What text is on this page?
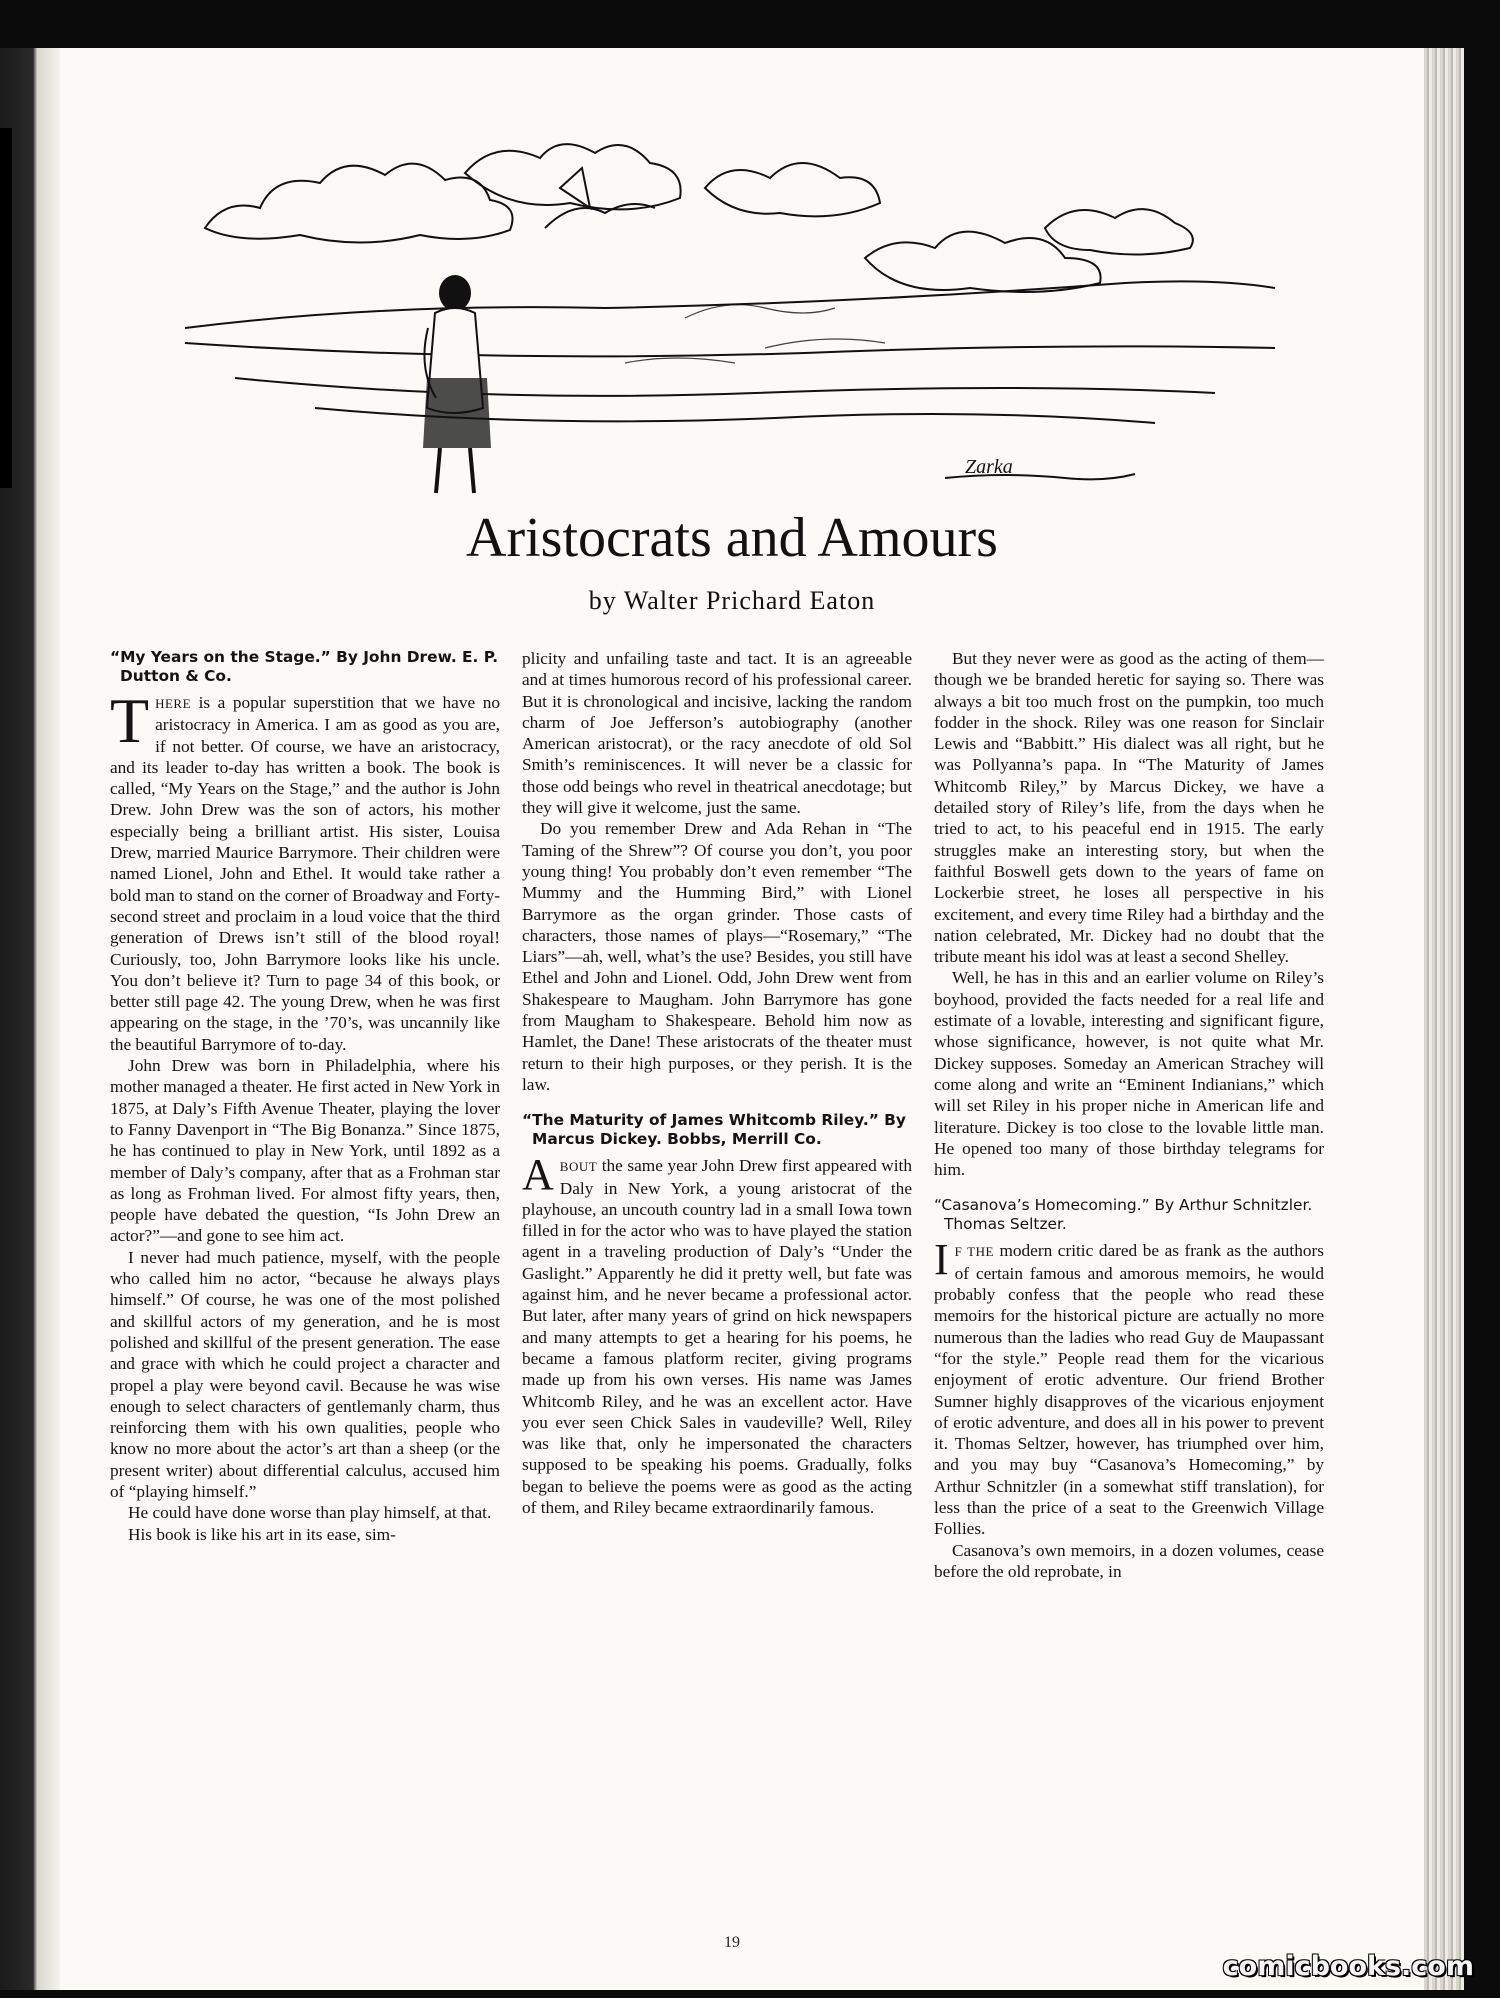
Zarka
Aristocrats and Amours
by Walter Prichard Eaton
“My Years on the Stage.” By John Drew. E. P. Dutton & Co.

THERE is a popular superstition that we have no aristocracy in America. I am as good as you are, if not better. Of course, we have an aristocracy, and its leader to-day has written a book. The book is called, “My Years on the Stage,” and the author is John Drew. John Drew was the son of actors, his mother especially being a brilliant artist. His sister, Louisa Drew, married Maurice Barrymore. Their children were named Lionel, John and Ethel. It would take rather a bold man to stand on the corner of Broadway and Forty-second street and proclaim in a loud voice that the third generation of Drews isn’t still of the blood royal! Curiously, too, John Barrymore looks like his uncle. You don’t believe it? Turn to page 34 of this book, or better still page 42. The young Drew, when he was first appearing on the stage, in the ’70’s, was uncannily like the beautiful Barrymore of to-day.

John Drew was born in Philadelphia, where his mother managed a theater. He first acted in New York in 1875, at Daly’s Fifth Avenue Theater, playing the lover to Fanny Davenport in “The Big Bonanza.” Since 1875, he has continued to play in New York, until 1892 as a member of Daly’s company, after that as a Frohman star as long as Frohman lived. For almost fifty years, then, people have debated the question, “Is John Drew an actor?”—and gone to see him act.

I never had much patience, myself, with the people who called him no actor, “because he always plays himself.” Of course, he was one of the most polished and skillful actors of my generation, and he is most polished and skillful of the present generation. The ease and grace with which he could project a character and propel a play were beyond cavil. Because he was wise enough to select characters of gentlemanly charm, thus reinforcing them with his own qualities, people who know no more about the actor’s art than a sheep (or the present writer) about differential calculus, accused him of “playing himself.”

He could have done worse than play himself, at that.

His book is like his art in its ease, sim-

plicity and unfailing taste and tact. It is an agreeable and at times humorous record of his professional career. But it is chronological and incisive, lacking the random charm of Joe Jefferson’s autobiography (another American aristocrat), or the racy anecdote of old Sol Smith’s reminiscences. It will never be a classic for those odd beings who revel in theatrical anecdotage; but they will give it welcome, just the same.

Do you remember Drew and Ada Rehan in “The Taming of the Shrew”? Of course you don’t, you poor young thing! You probably don’t even remember “The Mummy and the Humming Bird,” with Lionel Barrymore as the organ grinder. Those casts of characters, those names of plays—“Rosemary,” “The Liars”—ah, well, what’s the use? Besides, you still have Ethel and John and Lionel. Odd, John Drew went from Shakespeare to Maugham. John Barrymore has gone from Maugham to Shakespeare. Behold him now as Hamlet, the Dane! These aristocrats of the theater must return to their high purposes, or they perish. It is the law.

“The Maturity of James Whitcomb Riley.” By Marcus Dickey. Bobbs, Merrill Co.

ABOUT the same year John Drew first appeared with Daly in New York, a young aristocrat of the playhouse, an uncouth country lad in a small Iowa town filled in for the actor who was to have played the station agent in a traveling production of Daly’s “Under the Gaslight.” Apparently he did it pretty well, but fate was against him, and he never became a professional actor. But later, after many years of grind on hick newspapers and many attempts to get a hearing for his poems, he became a famous platform reciter, giving programs made up from his own verses. His name was James Whitcomb Riley, and he was an excellent actor. Have you ever seen Chick Sales in vaudeville? Well, Riley was like that, only he impersonated the characters supposed to be speaking his poems. Gradually, folks began to believe the poems were as good as the acting of them, and Riley became extraordinarily famous.

But they never were as good as the acting of them—though we be branded heretic for saying so. There was always a bit too much frost on the pumpkin, too much fodder in the shock. Riley was one reason for Sinclair Lewis and “Babbitt.” His dialect was all right, but he was Pollyanna’s papa. In “The Maturity of James Whitcomb Riley,” by Marcus Dickey, we have a detailed story of Riley’s life, from the days when he tried to act, to his peaceful end in 1915. The early struggles make an interesting story, but when the faithful Boswell gets down to the years of fame on Lockerbie street, he loses all perspective in his excitement, and every time Riley had a birthday and the nation celebrated, Mr. Dickey had no doubt that the tribute meant his idol was at least a second Shelley.

Well, he has in this and an earlier volume on Riley’s boyhood, provided the facts needed for a real life and estimate of a lovable, interesting and significant figure, whose significance, however, is not quite what Mr. Dickey supposes. Someday an American Strachey will come along and write an “Eminent Indianians,” which will set Riley in his proper niche in American life and literature. Dickey is too close to the lovable little man. He opened too many of those birthday telegrams for him.

“Casanova’s Homecoming.” By Arthur Schnitzler. Thomas Seltzer.

I F THE modern critic dared be as frank as the authors of certain famous and amorous memoirs, he would probably confess that the people who read these memoirs for the historical picture are actually no more numerous than the ladies who read Guy de Maupassant “for the style.” People read them for the vicarious enjoyment of erotic adventure. Our friend Brother Sumner highly disapproves of the vicarious enjoyment of erotic adventure, and does all in his power to prevent it. Thomas Seltzer, however, has triumphed over him, and you may buy “Casanova’s Homecoming,” by Arthur Schnitzler (in a somewhat stiff translation), for less than the price of a seat to the Greenwich Village Follies.

Casanova’s own memoirs, in a dozen volumes, cease before the old reprobate, in

19
comicbooks.com
